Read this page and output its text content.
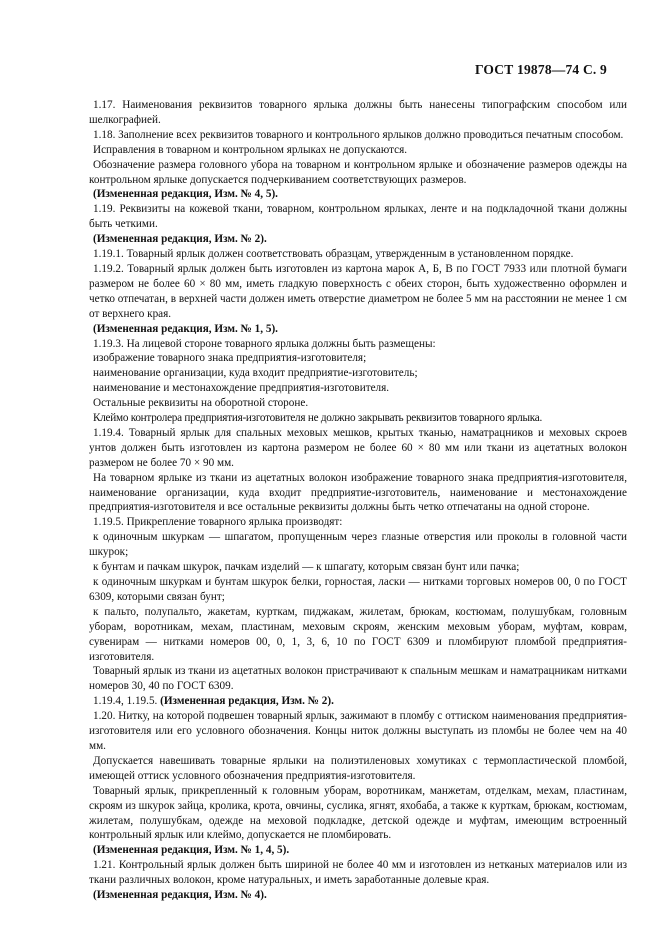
ГОСТ 19878—74 С. 9

1.17. Наименования реквизитов товарного ярлыка должны быть нанесены типографским способом или шелкографией.

1.18. Заполнение всех реквизитов товарного и контрольного ярлыков должно проводиться печатным способом.

Исправления в товарном и контрольном ярлыках не допускаются.

Обозначение размера головного убора на товарном и контрольном ярлыке и обозначение размеров одежды на контрольном ярлыке допускается подчеркиванием соответствующих размеров.

(Измененная редакция, Изм. № 4, 5).

1.19. Реквизиты на кожевой ткани, товарном, контрольном ярлыках, ленте и на подкладочной ткани должны быть четкими.

(Измененная редакция, Изм. № 2).

1.19.1. Товарный ярлык должен соответствовать образцам, утвержденным в установленном порядке.

1.19.2. Товарный ярлык должен быть изготовлен из картона марок А, Б, В по ГОСТ 7933 или плотной бумаги размером не более 60 × 80 мм, иметь гладкую поверхность с обеих сторон, быть художественно оформлен и четко отпечатан, в верхней части должен иметь отверстие диаметром не более 5 мм на расстоянии не менее 1 см от верхнего края.

(Измененная редакция, Изм. № 1, 5).

1.19.3. На лицевой стороне товарного ярлыка должны быть размещены:

изображение товарного знака предприятия-изготовителя;

наименование организации, куда входит предприятие-изготовитель;

наименование и местонахождение предприятия-изготовителя.

Остальные реквизиты на оборотной стороне.

Клеймо контролера предприятия-изготовителя не должно закрывать реквизитов товарного ярлыка.

1.19.4. Товарный ярлык для спальных меховых мешков, крытых тканью, наматрацников и меховых скроев унтов должен быть изготовлен из картона размером не более 60 × 80 мм или ткани из ацетатных волокон размером не более 70 × 90 мм.

На товарном ярлыке из ткани из ацетатных волокон изображение товарного знака предприятия-изготовителя, наименование организации, куда входит предприятие-изготовитель, наименование и местонахождение предприятия-изготовителя и все остальные реквизиты должны быть четко отпечатаны на одной стороне.

1.19.5. Прикрепление товарного ярлыка производят:

к одиночным шкуркам — шпагатом, пропущенным через глазные отверстия или проколы в головной части шкурок;

к бунтам и пачкам шкурок, пачкам изделий — к шпагату, которым связан бунт или пачка;

к одиночным шкуркам и бунтам шкурок белки, горностая, ласки — нитками торговых номеров 00, 0 по ГОСТ 6309, которыми связан бунт;

к пальто, полупальто, жакетам, курткам, пиджакам, жилетам, брюкам, костюмам, полушубкам, головным уборам, воротникам, мехам, пластинам, меховым скроям, женским меховым уборам, муфтам, коврам, сувенирам — нитками номеров 00, 0, 1, 3, 6, 10 по ГОСТ 6309 и пломбируют пломбой предприятия-изготовителя.

Товарный ярлык из ткани из ацетатных волокон пристрачивают к спальным мешкам и наматрацникам нитками номеров 30, 40 по ГОСТ 6309.

1.19.4, 1.19.5. (Измененная редакция, Изм. № 2).

1.20. Нитку, на которой подвешен товарный ярлык, зажимают в пломбу с оттиском наименования предприятия-изготовителя или его условного обозначения. Концы ниток должны выступать из пломбы не более чем на 40 мм.

Допускается навешивать товарные ярлыки на полиэтиленовых хомутиках с термопластической пломбой, имеющей оттиск условного обозначения предприятия-изготовителя.

Товарный ярлык, прикрепленный к головным уборам, воротникам, манжетам, отделкам, мехам, пластинам, скроям из шкурок зайца, кролика, крота, овчины, суслика, ягнят, яхобаба, а также к курткам, брюкам, костюмам, жилетам, полушубкам, одежде на меховой подкладке, детской одежде и муфтам, имеющим встроенный контрольный ярлык или клеймо, допускается не пломбировать.

(Измененная редакция, Изм. № 1, 4, 5).

1.21. Контрольный ярлык должен быть шириной не более 40 мм и изготовлен из нетканых материалов или из ткани различных волокон, кроме натуральных, и иметь заработанные долевые края.

(Измененная редакция, Изм. № 4).
